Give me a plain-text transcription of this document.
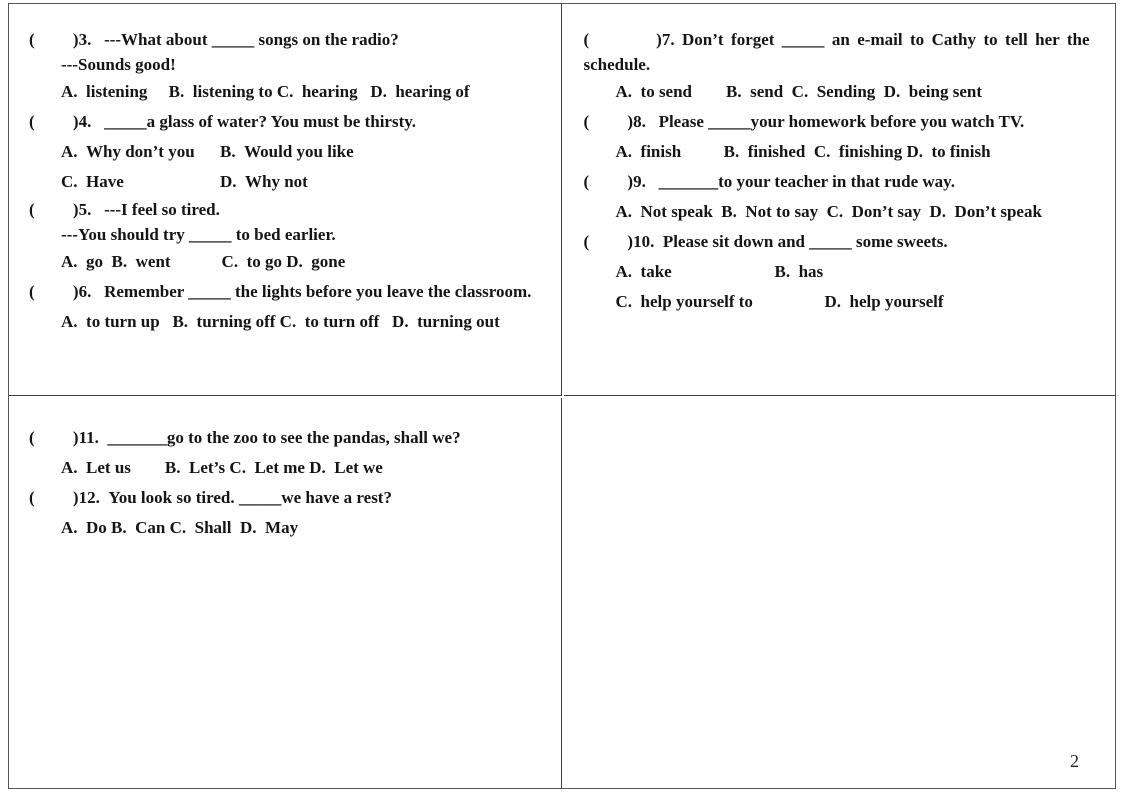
(         )3.   ---What about _____ songs on the radio?
---Sounds good!
A.  listening     B.  listening to C.  hearing   D.  hearing of
(         )4.   _____a glass of water? You must be thirsty.
A.  Why don’t you B.  Would you like
C.  Have	D.  Why not
(         )5.   ---I feel so tired.
---You should try _____ to bed earlier.
A.  go  B.  went            C.  to go D.  gone
(         )6.   Remember _____ the lights before you leave the classroom.
A.  to turn up   B.  turning off C.  to turn off   D.  turning out
(         )7. Don’t forget _____ an e-mail to Cathy to tell her the
schedule.
A.  to send        B.  send  C.  Sending  D.  being sent
(         )8.   Please _____your homework before you watch TV.
A.  finish          B.  finished  C.  finishing D.  to finish
(         )9.   _______to your teacher in that rude way.
A.  Not speak  B.  Not to say  C.  Don’t say  D.  Don’t speak
(         )10.  Please sit down and _____ some sweets.
A.  take	B.  has
C.  help yourself to	D.  help yourself
(         )11.  _______go to the zoo to see the pandas, shall we?
A.  Let us        B.  Let’s C.  Let me D.  Let we
(         )12.  You look so tired. _____we have a rest?
A.  Do B.  Can C.  Shall  D.  May
2
